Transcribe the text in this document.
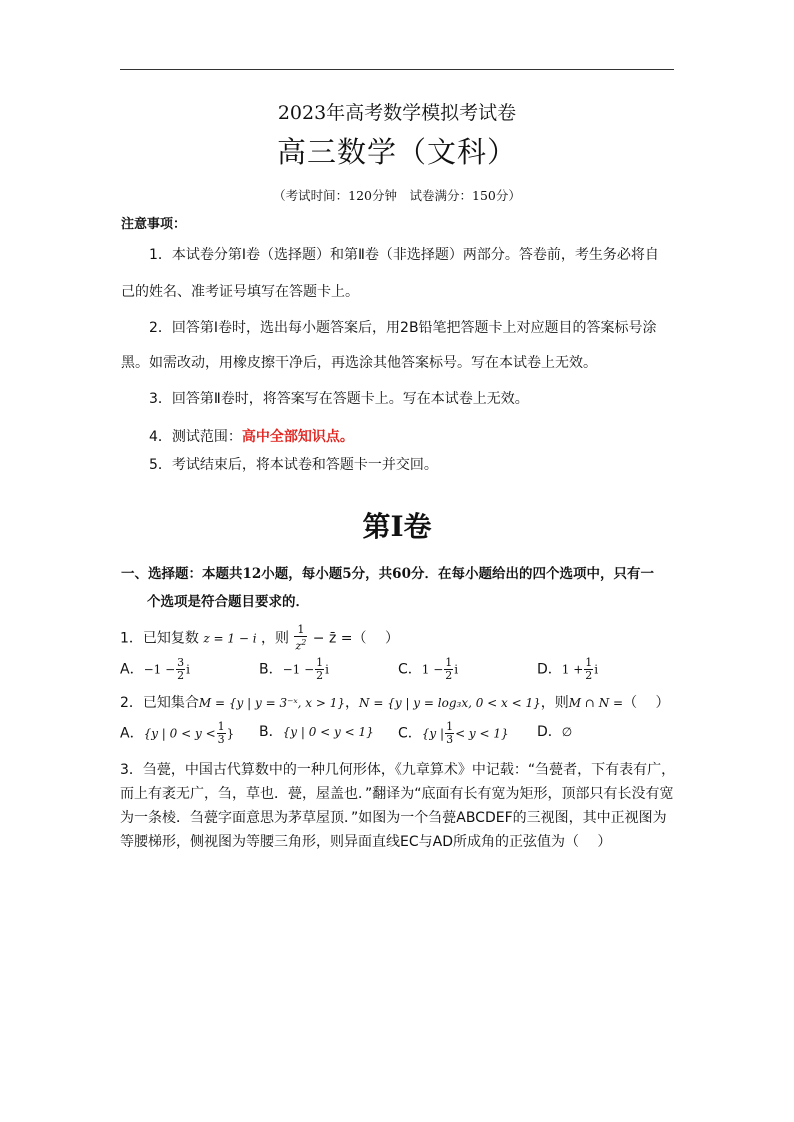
2023年高考数学模拟考试卷
高三数学（文科）
（考试时间：120分钟　试卷满分：150分）
注意事项：
1．本试卷分第Ⅰ卷（选择题）和第Ⅱ卷（非选择题）两部分。答卷前，考生务必将自
己的姓名、准考证号填写在答题卡上。
2．回答第Ⅰ卷时，选出每小题答案后，用2B铅笔把答题卡上对应题目的答案标号涂
黑。如需改动，用橡皮擦干净后，再选涂其他答案标号。写在本试卷上无效。
3．回答第Ⅱ卷时，将答案写在答题卡上。写在本试卷上无效。
4．测试范围：高中全部知识点。
5．考试结束后，将本试卷和答题卡一并交回。
第Ⅰ卷
一、选择题：本题共12小题，每小题5分，共60分．在每小题给出的四个选项中，只有一
个选项是符合题目要求的．
1．已知复数 z = 1 − i ，则 $\frac{1}{z^2}$ − z̄ =（　 ）
A．$-1 - \frac{3}{2}$ i	B．$-1 - \frac{1}{2}$ i	C．$1 - \frac{1}{2}$ i	D．$1 + \frac{1}{2}$ i
2．已知集合M = {y | y = 3⁻ˣ, x > 1}，N = {y | y = log₃x, 0 < x < 1}，则M ∩ N =（　 ）
A．{y | $0 < y < \frac{1}{3}$ } B．{y | 0 < y < 1} C．{y | $\frac{1}{3} < y < 1$} D．∅
3．刍甍，中国古代算数中的一种几何形体，《九章算术》中记载：“刍甍者，下有表有广，而上有袤无广，刍，草也．甍，屋盖也．”翻译为“底面有长有宽为矩形，顶部只有长没有宽为一条棱．刍甍字面意思为茅草屋顶．”如图为一个刍甍ABCDEF的三视图，其中正视图为等腰梯形，侧视图为等腰三角形，则异面直线EC与AD所成角的正弦值为（　 ）
